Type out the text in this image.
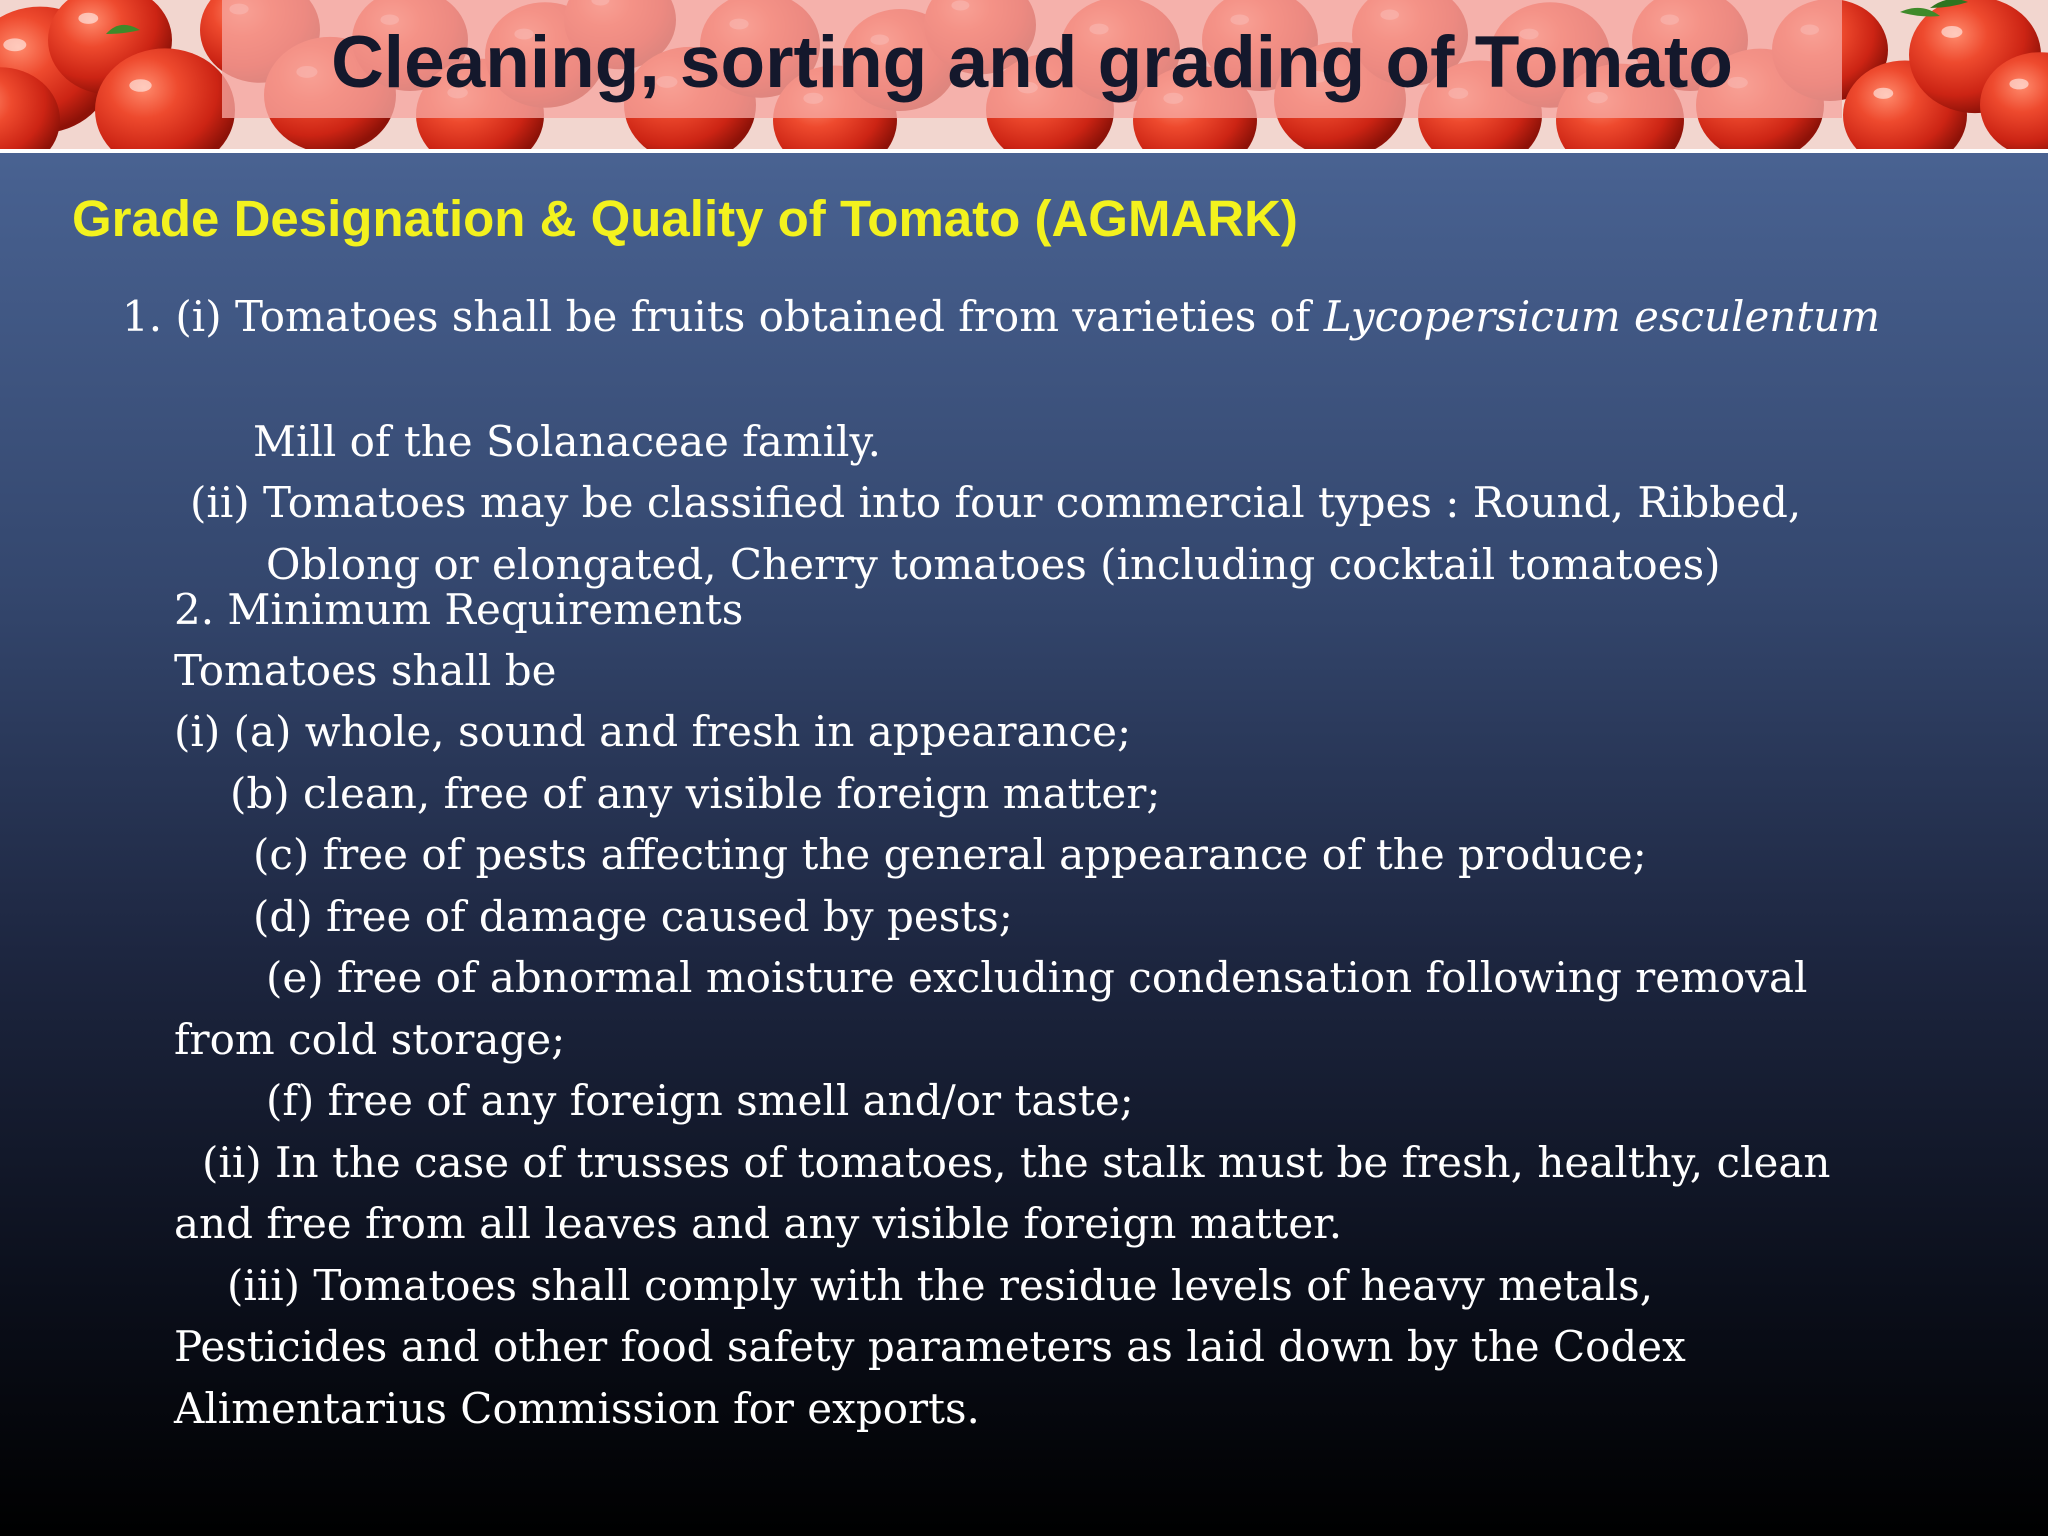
Cleaning, sorting and grading of Tomato
Grade Designation & Quality of Tomato (AGMARK)

1. (i) Tomatoes shall be fruits obtained from varieties of Lycopersicum esculentum

Mill of the Solanaceae family.

(ii) Tomatoes may be classified into four commercial types : Round, Ribbed,

Oblong or elongated, Cherry tomatoes (including cocktail tomatoes)

2. Minimum Requirements

Tomatoes shall be

(i) (a) whole, sound and fresh in appearance;

(b) clean, free of any visible foreign matter;

(c) free of pests affecting the general appearance of the produce;

(d) free of damage caused by pests;

(e) free of abnormal moisture excluding condensation following removal

from cold storage;

(f) free of any foreign smell and/or taste;

(ii) In the case of trusses of tomatoes, the stalk must be fresh, healthy, clean

and free from all leaves and any visible foreign matter.

(iii) Tomatoes shall comply with the residue levels of heavy metals,

Pesticides and other food safety parameters as laid down by the Codex

Alimentarius Commission for exports.
